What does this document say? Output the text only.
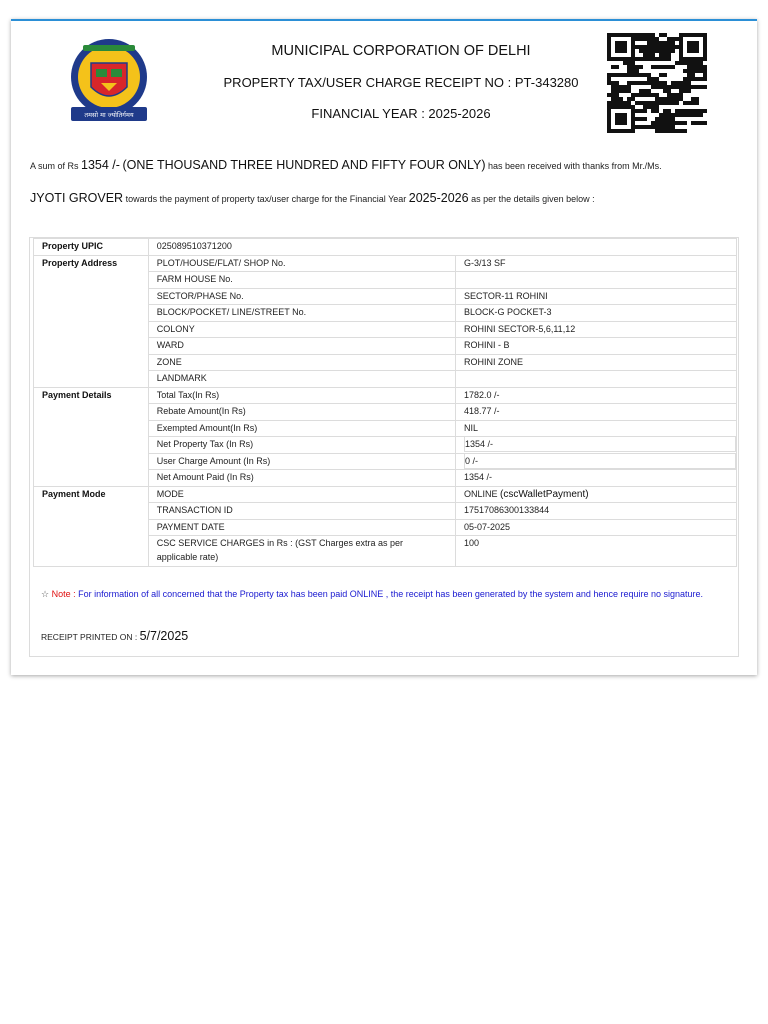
तमसो मा ज्योतिर्गमय
MUNICIPAL CORPORATION OF DELHI
PROPERTY TAX/USER CHARGE RECEIPT NO : PT-343280
FINANCIAL YEAR : 2025-2026
A sum of Rs 1354 /- (ONE THOUSAND THREE HUNDRED AND FIFTY FOUR ONLY) has been received with thanks from Mr./Ms.
JYOTI GROVER towards the payment of property tax/user charge for the Financial Year 2025-2026 as per the details given below :
Property UPIC	025089510371200	
Property Address	PLOT/HOUSE/FLAT/ SHOP No.	G-3/13 SF
	FARM HOUSE No.	
	SECTOR/PHASE No.	SECTOR-11 ROHINI
	BLOCK/POCKET/ LINE/STREET No.	BLOCK-G POCKET-3
	COLONY	ROHINI SECTOR-5,6,11,12
	WARD	ROHINI - B
	ZONE	ROHINI ZONE
	LANDMARK	
Payment Details	Total Tax(In Rs)	1782.0 /-
	Rebate Amount(In Rs)	418.77 /-
	Exempted Amount(In Rs)	NIL
	Net Property Tax (In Rs)	1354 /-
	User Charge Amount (In Rs)	0 /-
	Net Amount Paid (In Rs)	1354 /-
Payment Mode	MODE	ONLINE (cscWalletPayment)
	TRANSACTION ID	17517086300133844
	PAYMENT DATE	05-07-2025
	CSC SERVICE CHARGES in Rs : (GST Charges extra as per applicable rate)	100
☆ Note : For information of all concerned that the Property tax has been paid ONLINE , the receipt has been generated by the system and hence require no signature.
RECEIPT PRINTED ON : 5/7/2025
